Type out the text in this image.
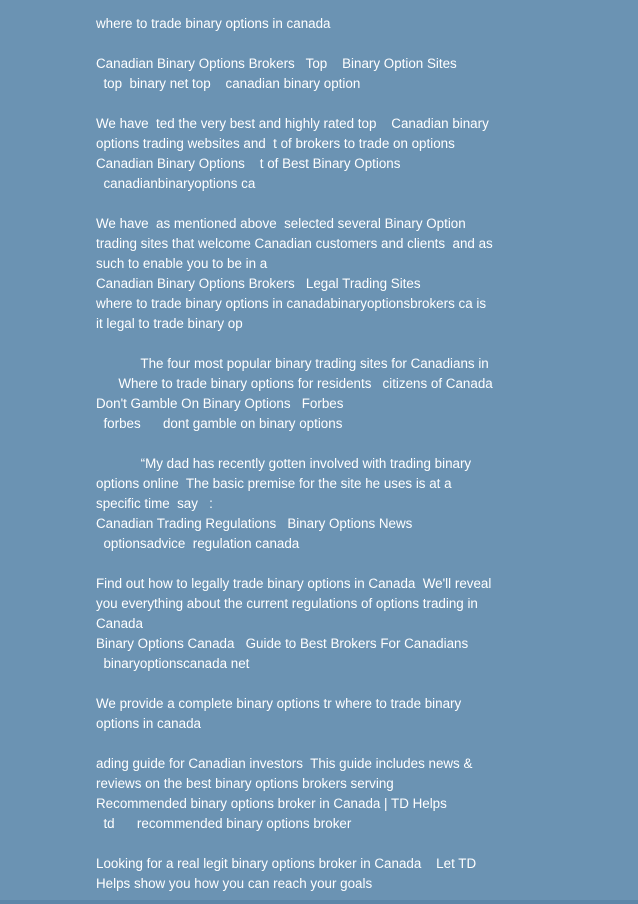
where to trade binary options in canada
Canadian Binary Options Brokers   Top    Binary Option Sites
top  binary net top    canadian binary option
We have  ted the very best and highly rated top    Canadian binary
options trading websites and  t of brokers to trade on options
Canadian Binary Options    t of Best Binary Options
canadianbinaryoptions ca
We have  as mentioned above  selected several Binary Option
trading sites that welcome Canadian customers and clients  and as
such to enable you to be in a
Canadian Binary Options Brokers   Legal Trading Sites
where to trade binary options in canadabinaryoptionsbrokers ca is
it legal to trade binary op
The four most popular binary trading sites for Canadians in
Where to trade binary options for residents   citizens of Canada
Don't Gamble On Binary Options   Forbes
forbes      dont gamble on binary options
“My dad has recently gotten involved with trading binary
options online  The basic premise for the site he uses is at a
specific time  say   :
Canadian Trading Regulations   Binary Options News
optionsadvice  regulation canada
Find out how to legally trade binary options in Canada  We'll reveal
you everything about the current regulations of options trading in
Canada
Binary Options Canada   Guide to Best Brokers For Canadians
binaryoptionscanada net
We provide a complete binary options tr where to trade binary
options in canada
ading guide for Canadian investors  This guide includes news &
reviews on the best binary options brokers serving
Recommended binary options broker in Canada | TD Helps
td      recommended binary options broker
Looking for a real legit binary options broker in Canada    Let TD
Helps show you how you can reach your goals
